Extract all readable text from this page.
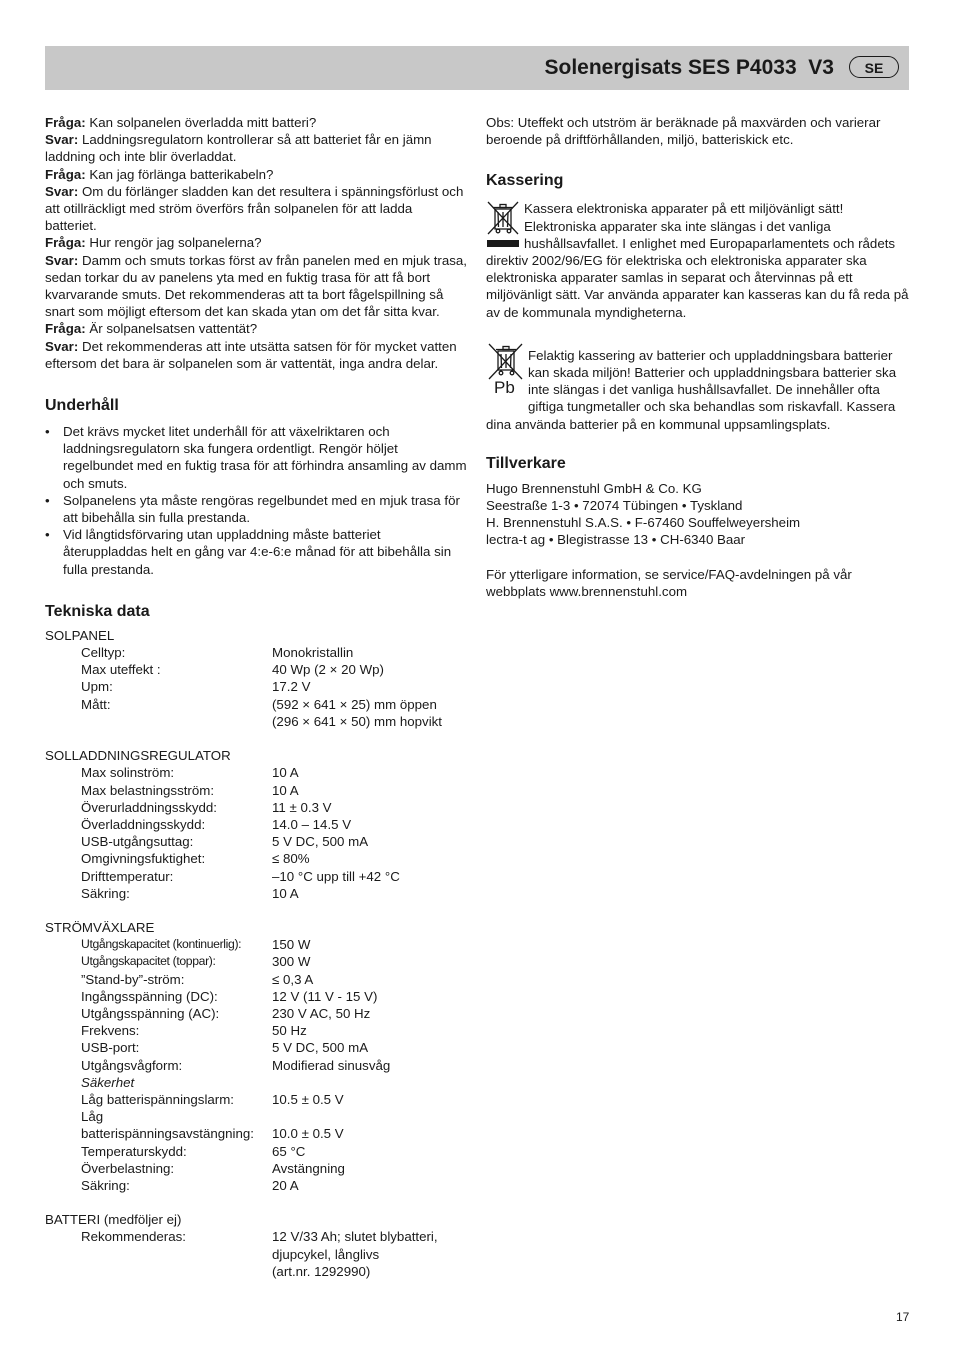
Solenergisats SES P4033  V3	SE

Fråga: Kan solpanelen överladda mitt batteri?

Svar: Laddningsregulatorn kontrollerar så att batteriet får en jämn laddning och inte blir överladdat.

Fråga: Kan jag förlänga batterikabeln?

Svar: Om du förlänger sladden kan det resultera i spänningsförlust och att otillräckligt med ström överförs från solpanelen för att ladda batteriet.

Fråga: Hur rengör jag solpanelerna?

Svar: Damm och smuts torkas först av från panelen med en mjuk trasa, sedan torkar du av panelens yta med en fuktig trasa för att få bort kvarvarande smuts. Det rekommenderas att ta bort fågelspillning så snart som möjligt eftersom det kan skada ytan om det får sitta kvar.

Fråga: Är solpanelsatsen vattentät?

Svar: Det rekommenderas att inte utsätta satsen för för mycket vatten eftersom det bara är solpanelen som är vattentät, inga andra delar.

Underhåll
• Det krävs mycket litet underhåll för att växelriktaren och laddningsregulatorn ska fungera ordentligt. Rengör höljet regelbundet med en fuktig trasa för att förhindra ansamling av damm och smuts.
• Solpanelens yta måste rengöras regelbundet med en mjuk trasa för att bibehålla sin fulla prestanda.
• Vid långtidsförvaring utan uppladdning måste batteriet återuppladdas helt en gång var 4:e-6:e månad för att bibehålla sin fulla prestanda.
Tekniska data
SOLPANEL
Celltyp:	Monokristallin
Max uteffekt :	40 Wp (2 × 20 Wp)
Upm:	17.2 V
Mått:	(592 × 641 × 25) mm öppen
(296 × 641 × 50) mm hopvikt
SOLLADDNINGSREGULATOR
Max solinström:	10 A
Max belastningsström:	10 A
Överurladdningsskydd:	11 ± 0.3 V
Överladdningsskydd:	14.0 – 14.5 V
USB-utgångsuttag:	5 V DC, 500 mA
Omgivningsfuktighet:	≤ 80%
Drifttemperatur:	–10 °C upp till +42 °C
Säkring:	10 A
STRÖMVÄXLARE
Utgångskapacitet (kontinuerlig):	150 W
Utgångskapacitet (toppar):	300 W
”Stand-by”-ström:	≤ 0,3 A
Ingångsspänning (DC):	12 V (11 V - 15 V)
Utgångsspänning (AC):	230 V AC, 50 Hz
Frekvens:	50 Hz
USB-port:	5 V DC, 500 mA
Utgångsvågform:	Modifierad sinusvåg
Säkerhet
Låg batterispänningslarm:	10.5 ± 0.5 V
Låg
batterispänningsavstängning:	10.0 ± 0.5 V
Temperaturskydd:	65 °C
Överbelastning:	Avstängning
Säkring:	20 A
BATTERI (medföljer ej)
Rekommenderas:	12 V/33 Ah; slutet blybatteri,
djupcykel, långlivs
(art.nr. 1292990)

Obs: Uteffekt och utström är beräknade på maxvärden och varierar beroende på driftförhållanden, miljö, batteriskick etc.

Kassering

Kassera elektroniska apparater på ett miljövänligt sätt! Elektroniska apparater ska inte slängas i det vanliga hushållsavfallet. I enlighet med Europaparlamentets och rådets direktiv 2002/96/EG för elektriska och elektroniska apparater ska elektroniska apparater samlas in separat och återvinnas på ett miljövänligt sätt. Var använda apparater kan kasseras kan du få reda på av de kommunala myndigheterna.

Pb

Felaktig kassering av batterier och uppladdningsbara batterier kan skada miljön! Batterier och uppladdningsbara batterier ska inte slängas i det vanliga hushållsavfallet. De innehåller ofta giftiga tungmetaller och ska behandlas som riskavfall. Kassera dina använda batterier på en kommunal uppsamlingsplats.

Tillverkare

Hugo Brennenstuhl GmbH & Co. KG

Seestraße 1-3 • 72074 Tübingen • Tyskland

H. Brennenstuhl S.A.S. • F-67460 Souffelweyersheim

lectra-t ag • Blegistrasse 13 • CH-6340 Baar

För ytterligare information, se service/FAQ-avdelningen på vår webbplats www.brennenstuhl.com

17
